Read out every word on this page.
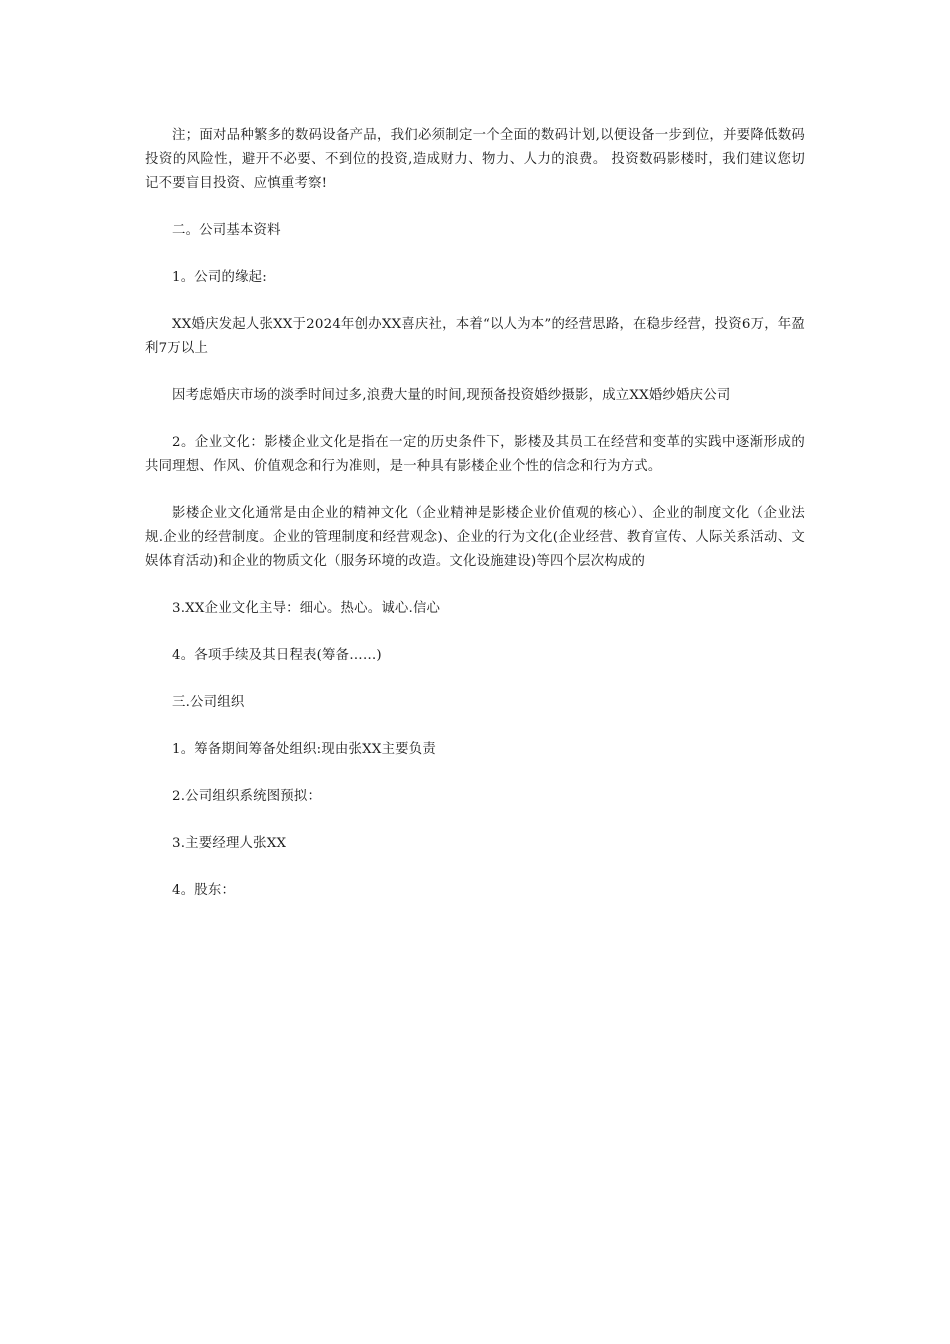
注；面对品种繁多的数码设备产品，我们必须制定一个全面的数码计划,以便设备一步到位，并要降低数码投资的风险性，避开不必要、不到位的投资,造成财力、物力、人力的浪费。 投资数码影楼时，我们建议您切记不要盲目投资、应慎重考察!

二。公司基本资料

1。公司的缘起:

XX婚庆发起人张XX于2024年创办XX喜庆社，本着“以人为本”的经营思路，在稳步经营，投资6万，年盈利7万以上

因考虑婚庆市场的淡季时间过多,浪费大量的时间,现预备投资婚纱摄影，成立XX婚纱婚庆公司

2。企业文化：影楼企业文化是指在一定的历史条件下，影楼及其员工在经营和变革的实践中逐渐形成的共同理想、作风、价值观念和行为准则，是一种具有影楼企业个性的信念和行为方式。

影楼企业文化通常是由企业的精神文化（企业精神是影楼企业价值观的核心）、企业的制度文化（企业法规.企业的经营制度。企业的管理制度和经营观念)、企业的行为文化(企业经营、教育宣传、人际关系活动、文娱体育活动)和企业的物质文化（服务环境的改造。文化设施建设)等四个层次构成的

3.XX企业文化主导：细心。热心。诚心.信心

4。各项手续及其日程表(筹备……)

三.公司组织

1。筹备期间筹备处组织:现由张XX主要负责

2.公司组织系统图预拟：

3.主要经理人张XX

4。股东：
